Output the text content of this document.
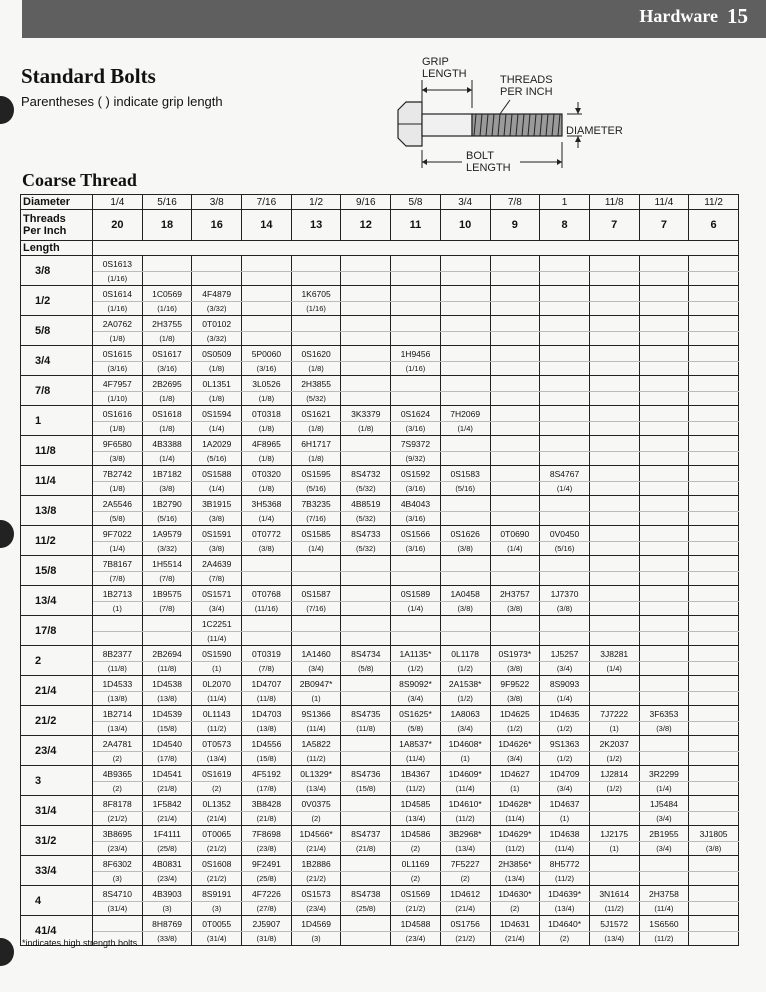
Hardware 15
Standard Bolts
Parentheses ( ) indicate grip length
Coarse Thread
GRIP
LENGTH	THREADS
PER INCH
DIAMETER
BOLT
LENGTH
Diameter	1/4	5/16	3/8	7/16	1/2	9/16	5/8	3/4	7/8	1	11/8	11/4	11/2
Threads
Per Inch	20	18	16	14	13	12	11	10	9	8	7	7	6
Length													
3/8	0S1613												
	(1/16)												
1/2	0S1614	1C0569	4F4879		1K6705								
	(1/16)	(1/16)	(3/32)		(1/16)								
5/8	2A0762	2H3755	0T0102										
	(1/8)	(1/8)	(3/32)										
3/4	0S1615	0S1617	0S0509	5P0060	0S1620		1H9456						
	(3/16)	(3/16)	(1/8)	(3/16)	(1/8)		(1/16)						
7/8	4F7957	2B2695	0L1351	3L0526	2H3855								
	(1/10)	(1/8)	(1/8)	(1/8)	(5/32)								
1	0S1616	0S1618	0S1594	0T0318	0S1621	3K3379	0S1624	7H2069					
	(1/8)	(1/8)	(1/4)	(1/8)	(1/8)	(1/8)	(3/16)	(1/4)					
11/8	9F6580	4B3388	1A2029	4F8965	6H1717		7S9372						
	(3/8)	(1/4)	(5/16)	(1/8)	(1/8)		(9/32)						
11/4	7B2742	1B7182	0S1588	0T0320	0S1595	8S4732	0S1592	0S1583		8S4767			
	(1/8)	(3/8)	(1/4)	(1/8)	(5/16)	(5/32)	(3/16)	(5/16)		(1/4)			
13/8	2A5546	1B2790	3B1915	3H5368	7B3235	4B8519	4B4043						
	(5/8)	(5/16)	(3/8)	(1/4)	(7/16)	(5/32)	(3/16)						
11/2	9F7022	1A9579	0S1591	0T0772	0S1585	8S4733	0S1566	0S1626	0T0690	0V0450			
	(1/4)	(3/32)	(3/8)	(3/8)	(1/4)	(5/32)	(3/16)	(3/8)	(1/4)	(5/16)			
15/8	7B8167	1H5514	2A4639										
	(7/8)	(7/8)	(7/8)										
13/4	1B2713	1B9575	0S1571	0T0768	0S1587		0S1589	1A0458	2H3757	1J7370			
	(1)	(7/8)	(3/4)	(11/16)	(7/16)		(1/4)	(3/8)	(3/8)	(3/8)			
17/8			1C2251										
			(11/4)										
2	8B2377	2B2694	0S1590	0T0319	1A1460	8S4734	1A1135*	0L1178	0S1973*	1J5257	3J8281		
	(11/8)	(11/8)	(1)	(7/8)	(3/4)	(5/8)	(1/2)	(1/2)	(3/8)	(3/4)	(1/4)		
21/4	1D4533	1D4538	0L2070	1D4707	2B0947*		8S9092*	2A1538*	9F9522	8S9093			
	(13/8)	(13/8)	(11/4)	(11/8)	(1)		(3/4)	(1/2)	(3/8)	(1/4)			
21/2	1B2714	1D4539	0L1143	1D4703	9S1366	8S4735	0S1625*	1A8063	1D4625	1D4635	7J7222	3F6353	
	(13/4)	(15/8)	(11/2)	(13/8)	(11/4)	(11/8)	(5/8)	(3/4)	(1/2)	(1/2)	(1)	(3/8)	
23/4	2A4781	1D4540	0T0573	1D4556	1A5822		1A8537*	1D4608*	1D4626*	9S1363	2K2037		
	(2)	(17/8)	(13/4)	(15/8)	(11/2)		(11/4)	(1)	(3/4)	(1/2)	(1/2)		
3	4B9365	1D4541	0S1619	4F5192	0L1329*	8S4736	1B4367	1D4609*	1D4627	1D4709	1J2814	3R2299	
	(2)	(21/8)	(2)	(17/8)	(13/4)	(15/8)	(11/2)	(11/4)	(1)	(3/4)	(1/2)	(1/4)	
31/4	8F8178	1F5842	0L1352	3B8428	0V0375		1D4585	1D4610*	1D4628*	1D4637		1J5484	
	(21/2)	(21/4)	(21/4)	(21/8)	(2)		(13/4)	(11/2)	(11/4)	(1)		(3/4)	
31/2	3B8695	1F4111	0T0065	7F8698	1D4566*	8S4737	1D4586	3B2968*	1D4629*	1D4638	1J2175	2B1955	3J1805
	(23/4)	(25/8)	(21/2)	(23/8)	(21/4)	(21/8)	(2)	(13/4)	(11/2)	(11/4)	(1)	(3/4)	(3/8)
33/4	8F6302	4B0831	0S1608	9F2491	1B2886		0L1169	7F5227	2H3856*	8H5772			
	(3)	(23/4)	(21/2)	(25/8)	(21/2)		(2)	(2)	(13/4)	(11/2)			
4	8S4710	4B3903	8S9191	4F7226	0S1573	8S4738	0S1569	1D4612	1D4630*	1D4639*	3N1614	2H3758	
	(31/4)	(3)	(3)	(27/8)	(23/4)	(25/8)	(21/2)	(21/4)	(2)	(13/4)	(11/2)	(11/4)	
41/4		8H8769	0T0055	2J5907	1D4569		1D4588	0S1756	1D4631	1D4640*	5J1572	1S6560	
		(33/8)	(31/4)	(31/8)	(3)		(23/4)	(21/2)	(21/4)	(2)	(13/4)	(11/2)	
*indicates high strength bolts
